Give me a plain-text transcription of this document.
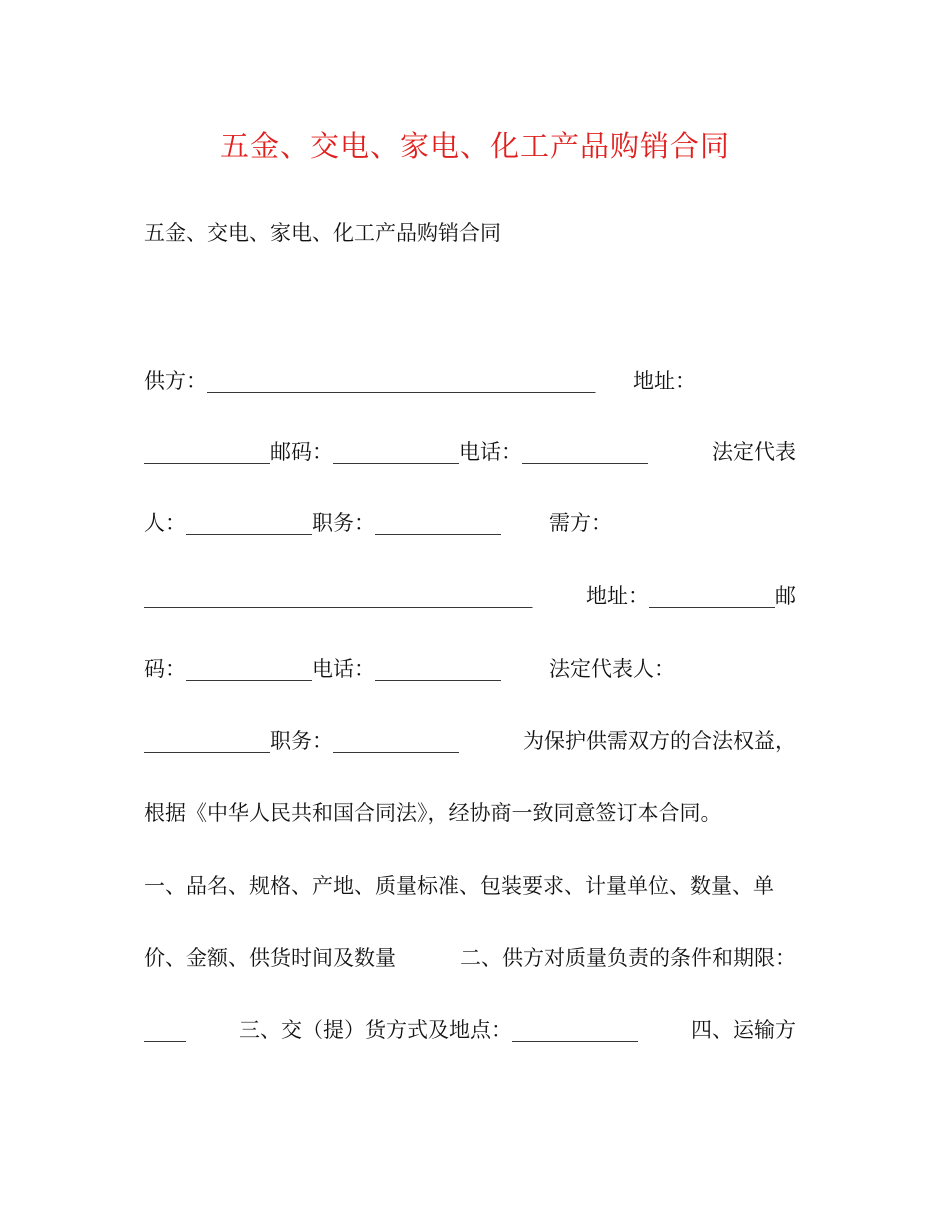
五金、交电、家电、化工产品购销合同
五金、交电、家电、化工产品购销合同
供方：_____________________________________ 地址：
____________邮码：____________电话：____________	法定代表
人：____________职务：____________ 需方：
_____________________________________	地址：____________邮
码：____________电话：____________ 法定代表人：
____________职务：____________	为保护供需双方的合法权益，
根据《中华人民共和国合同法》，经协商一致同意签订本合同。
一、品名、规格、产地、质量标准、包装要求、计量单位、数量、单
价、金额、供货时间及数量	二、供方对质量负责的条件和期限：
____	三、交（提）货方式及地点：____________	四、运输方
